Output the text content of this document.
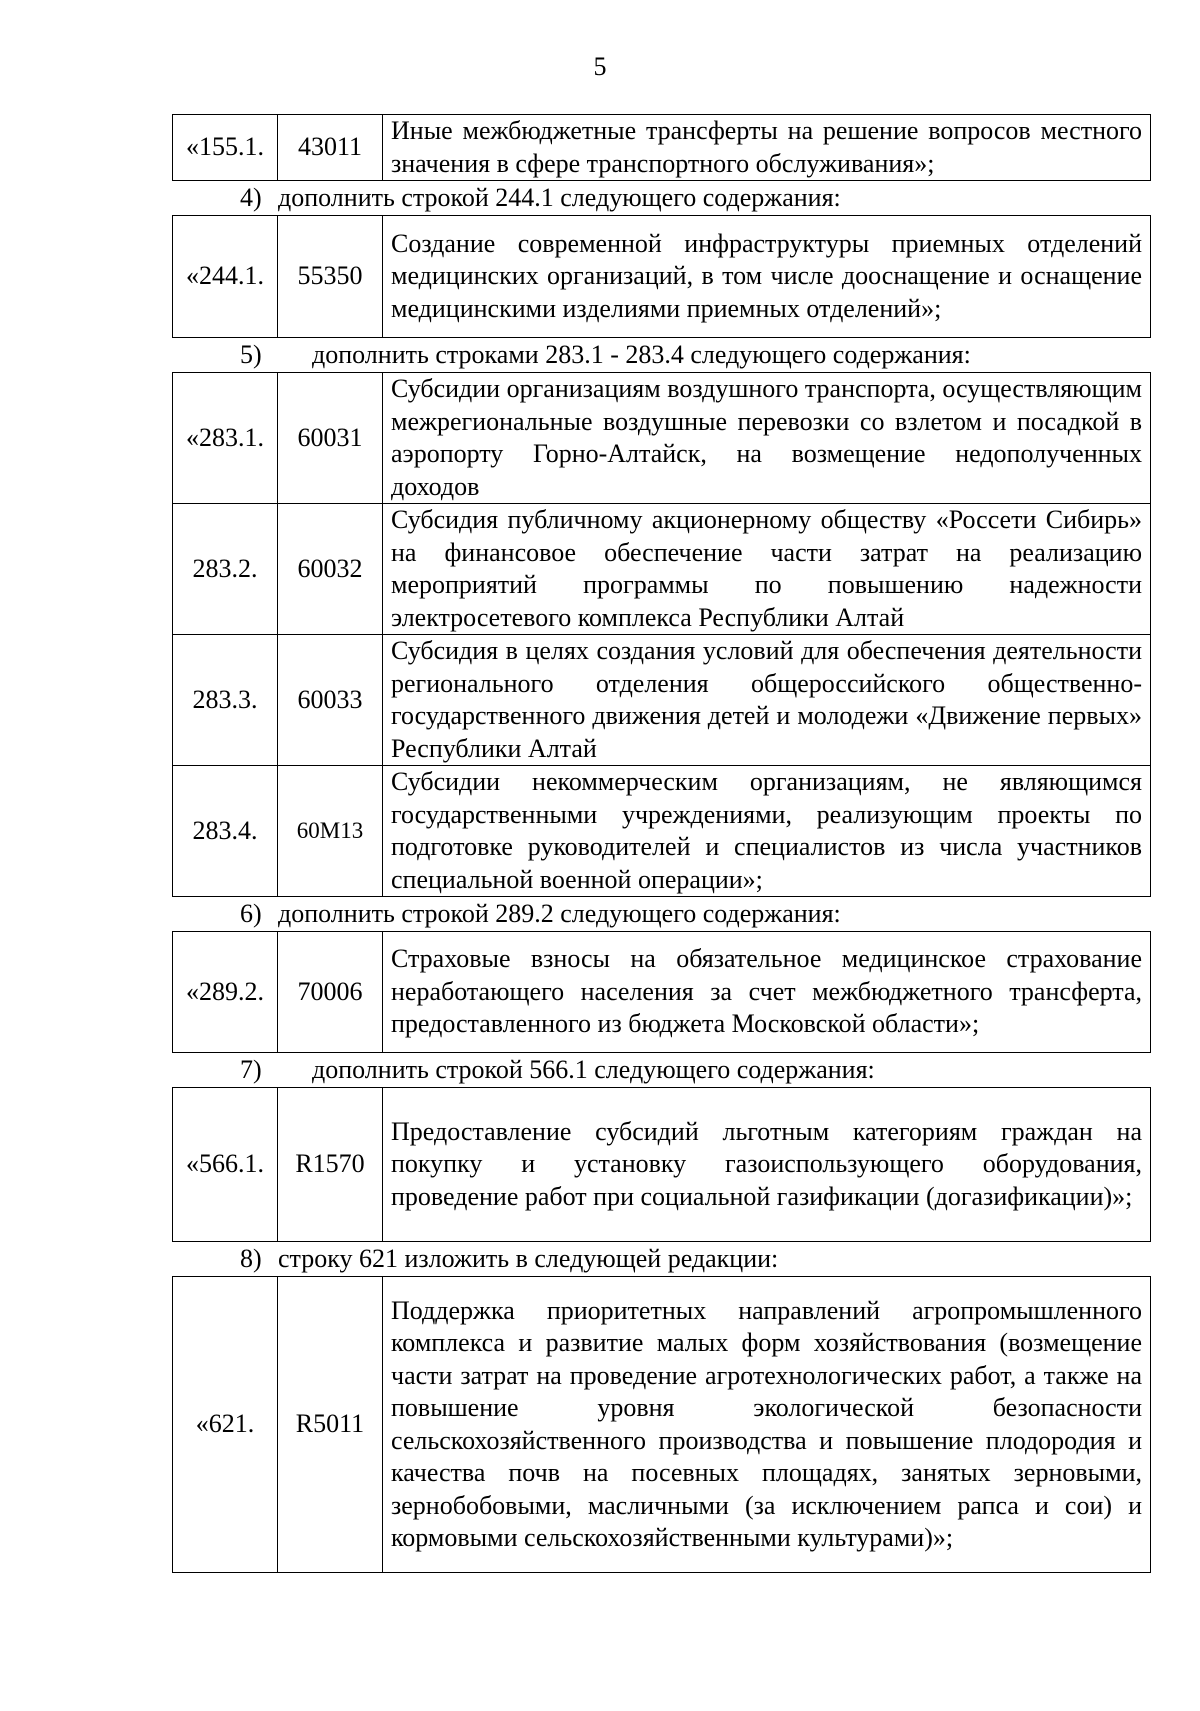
5
«155.1.	43011	Иные межбюджетные трансферты на решение вопросов местного значения в сфере транспортного обслуживания»;
4) дополнить строкой 244.1 следующего содержания:
«244.1.	55350	Создание современной инфраструктуры приемных отделений медицинских организаций, в том числе дооснащение и оснащение медицинскими изделиями приемных отделений»;
5) дополнить строками 283.1 - 283.4 следующего содержания:
«283.1.	60031	Субсидии организациям воздушного транспорта, осуществляющим межрегиональные воздушные перевозки со взлетом и посадкой в аэропорту Горно-Алтайск, на возмещение недополученных доходов
283.2.	60032	Субсидия публичному акционерному обществу «Россети Сибирь» на финансовое обеспечение части затрат на реализацию мероприятий программы по повышению надежности электросетевого комплекса Республики Алтай
283.3.	60033	Субсидия в целях создания условий для обеспечения деятельности регионального отделения общероссийского общественно-государственного движения детей и молодежи «Движение первых» Республики Алтай
283.4.	60M13	Субсидии некоммерческим организациям, не являющимся государственными учреждениями, реализующим проекты по подготовке руководителей и специалистов из числа участников специальной военной операции»;
6) дополнить строкой 289.2 следующего содержания:
«289.2.	70006	Страховые взносы на обязательное медицинское страхование неработающего населения за счет межбюджетного трансферта, предоставленного из бюджета Московской области»;
7) дополнить строкой 566.1 следующего содержания:
«566.1.	R1570	Предоставление субсидий льготным категориям граждан на покупку и установку газоиспользующего оборудования, проведение работ при социальной газификации (догазификации)»;
8) строку 621 изложить в следующей редакции:
«621.	R5011	Поддержка приоритетных направлений агропромышленного комплекса и развитие малых форм хозяйствования (возмещение части затрат на проведение агротехнологических работ, а также на повышение уровня экологической безопасности сельскохозяйственного производства и повышение плодородия и качества почв на посевных площадях, занятых зерновыми, зернобобовыми, масличными (за исключением рапса и сои) и кормовыми сельскохозяйственными культурами)»;
